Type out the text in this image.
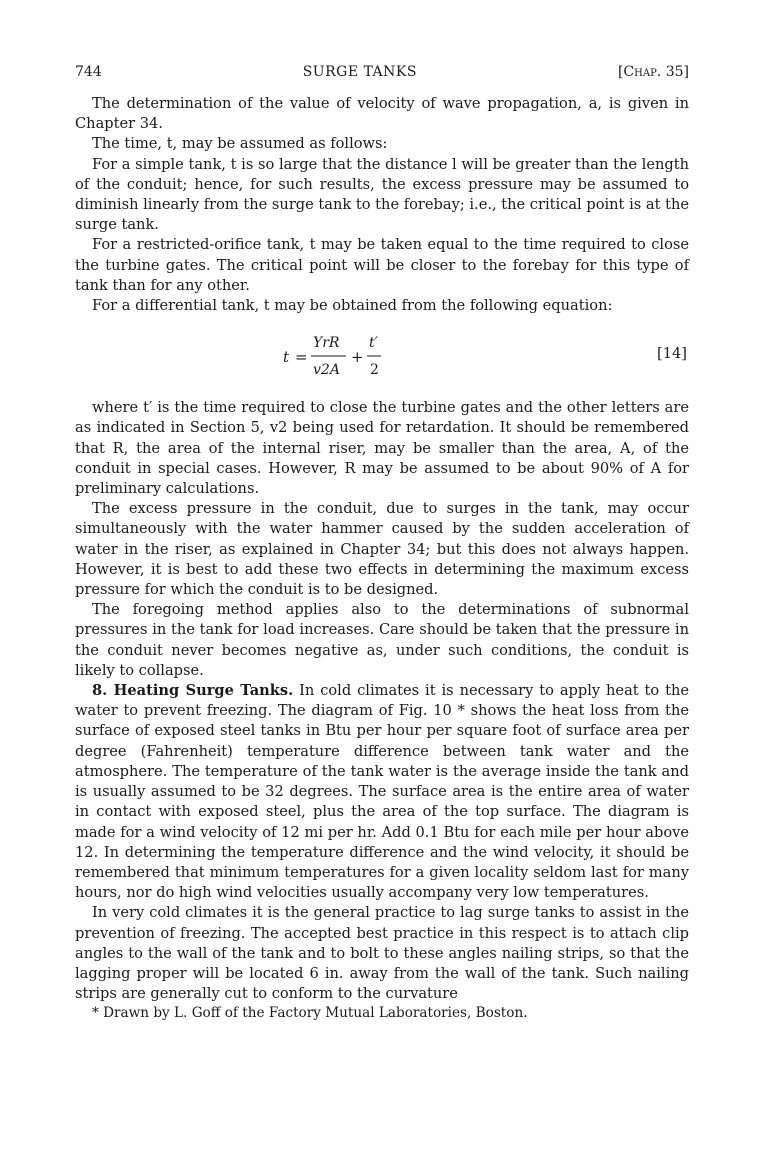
744	SURGE TANKS	[Chap. 35]

The determination of the value of velocity of wave propagation, a, is given in Chapter 34.

The time, t, may be assumed as follows:

For a simple tank, t is so large that the distance l will be greater than the length of the conduit; hence, for such results, the excess pressure may be assumed to diminish linearly from the surge tank to the forebay; i.e., the critical point is at the surge tank.

For a restricted-orifice tank, t may be taken equal to the time required to close the turbine gates. The critical point will be closer to the forebay for this type of tank than for any other.

For a differential tank, t may be obtained from the following equation:

t =
YrR
v2A
+
t′
2
[14]

where t′ is the time required to close the turbine gates and the other letters are as indicated in Section 5, v2 being used for retardation. It should be remembered that R, the area of the internal riser, may be smaller than the area, A, of the conduit in special cases. However, R may be assumed to be about 90% of A for preliminary calculations.

The excess pressure in the conduit, due to surges in the tank, may occur simultaneously with the water hammer caused by the sudden acceleration of water in the riser, as explained in Chapter 34; but this does not always happen. However, it is best to add these two effects in determining the maximum excess pressure for which the conduit is to be designed.

The foregoing method applies also to the determinations of subnormal pressures in the tank for load increases. Care should be taken that the pressure in the conduit never becomes negative as, under such conditions, the conduit is likely to collapse.

8. Heating Surge Tanks. In cold climates it is necessary to apply heat to the water to prevent freezing. The diagram of Fig. 10 * shows the heat loss from the surface of exposed steel tanks in Btu per hour per square foot of surface area per degree (Fahrenheit) temperature difference between tank water and the atmosphere. The temperature of the tank water is the average inside the tank and is usually assumed to be 32 degrees. The surface area is the entire area of water in contact with exposed steel, plus the area of the top surface. The diagram is made for a wind velocity of 12 mi per hr. Add 0.1 Btu for each mile per hour above 12. In determining the temperature difference and the wind velocity, it should be remembered that minimum temperatures for a given locality seldom last for many hours, nor do high wind velocities usually accompany very low temperatures.

In very cold climates it is the general practice to lag surge tanks to assist in the prevention of freezing. The accepted best practice in this respect is to attach clip angles to the wall of the tank and to bolt to these angles nailing strips, so that the lagging proper will be located 6 in. away from the wall of the tank. Such nailing strips are generally cut to conform to the curvature

* Drawn by L. Goff of the Factory Mutual Laboratories, Boston.
